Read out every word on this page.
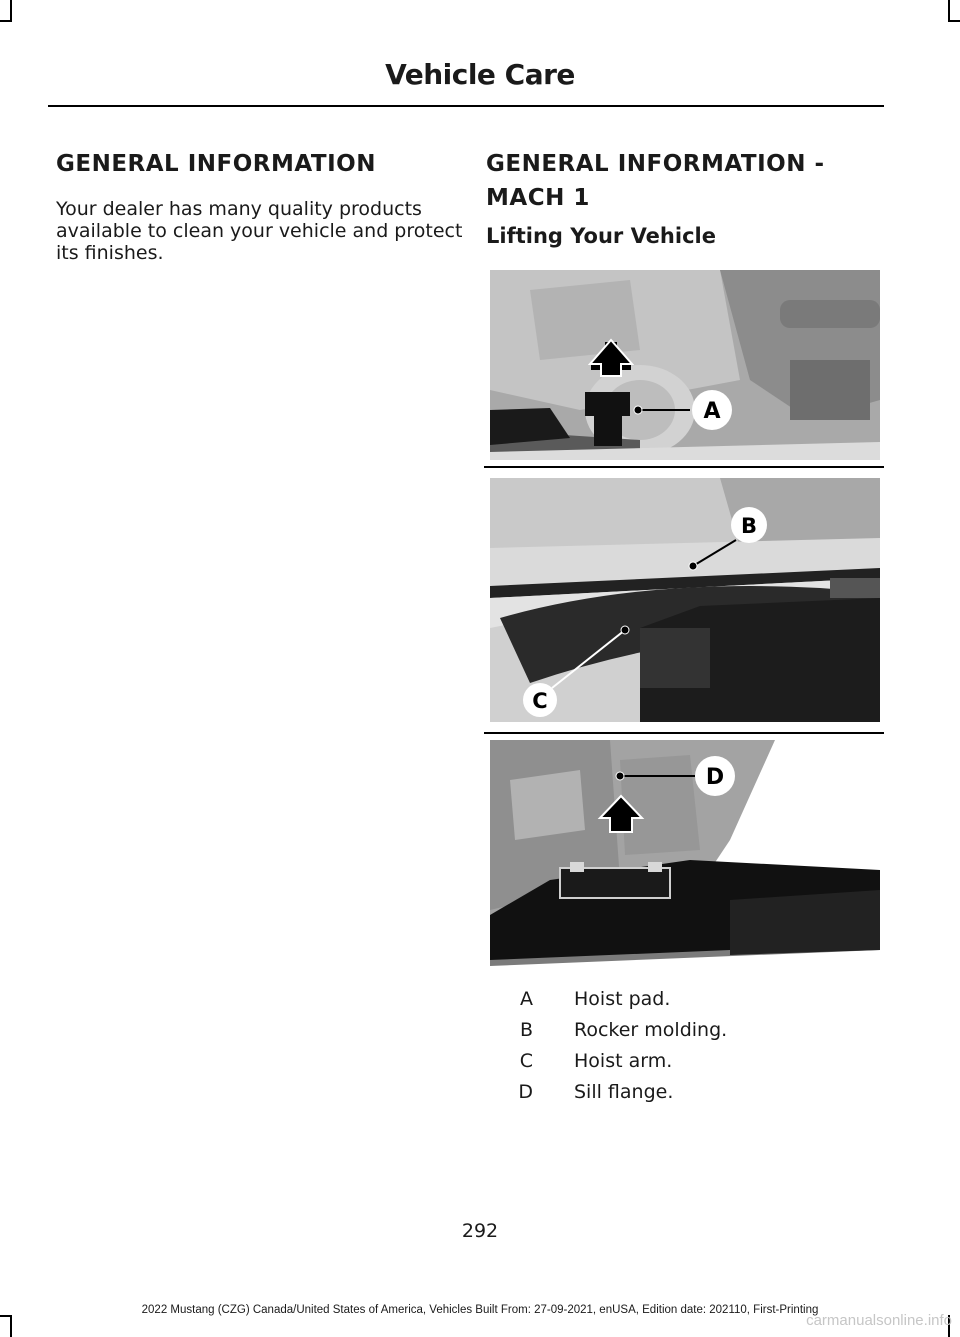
Vehicle Care
GENERAL INFORMATION
Your dealer has many quality products
available to clean your vehicle and protect
its finishes.
GENERAL INFORMATION -
MACH 1
Lifting Your Vehicle
A
B
C
D
A Hoist pad.
B Rocker molding.
C Hoist arm.
D Sill flange.
292
2022 Mustang (CZG) Canada/United States of America, Vehicles Built From: 27-09-2021, enUSA, Edition date: 202110, First-Printing
carmanualsonline.info
